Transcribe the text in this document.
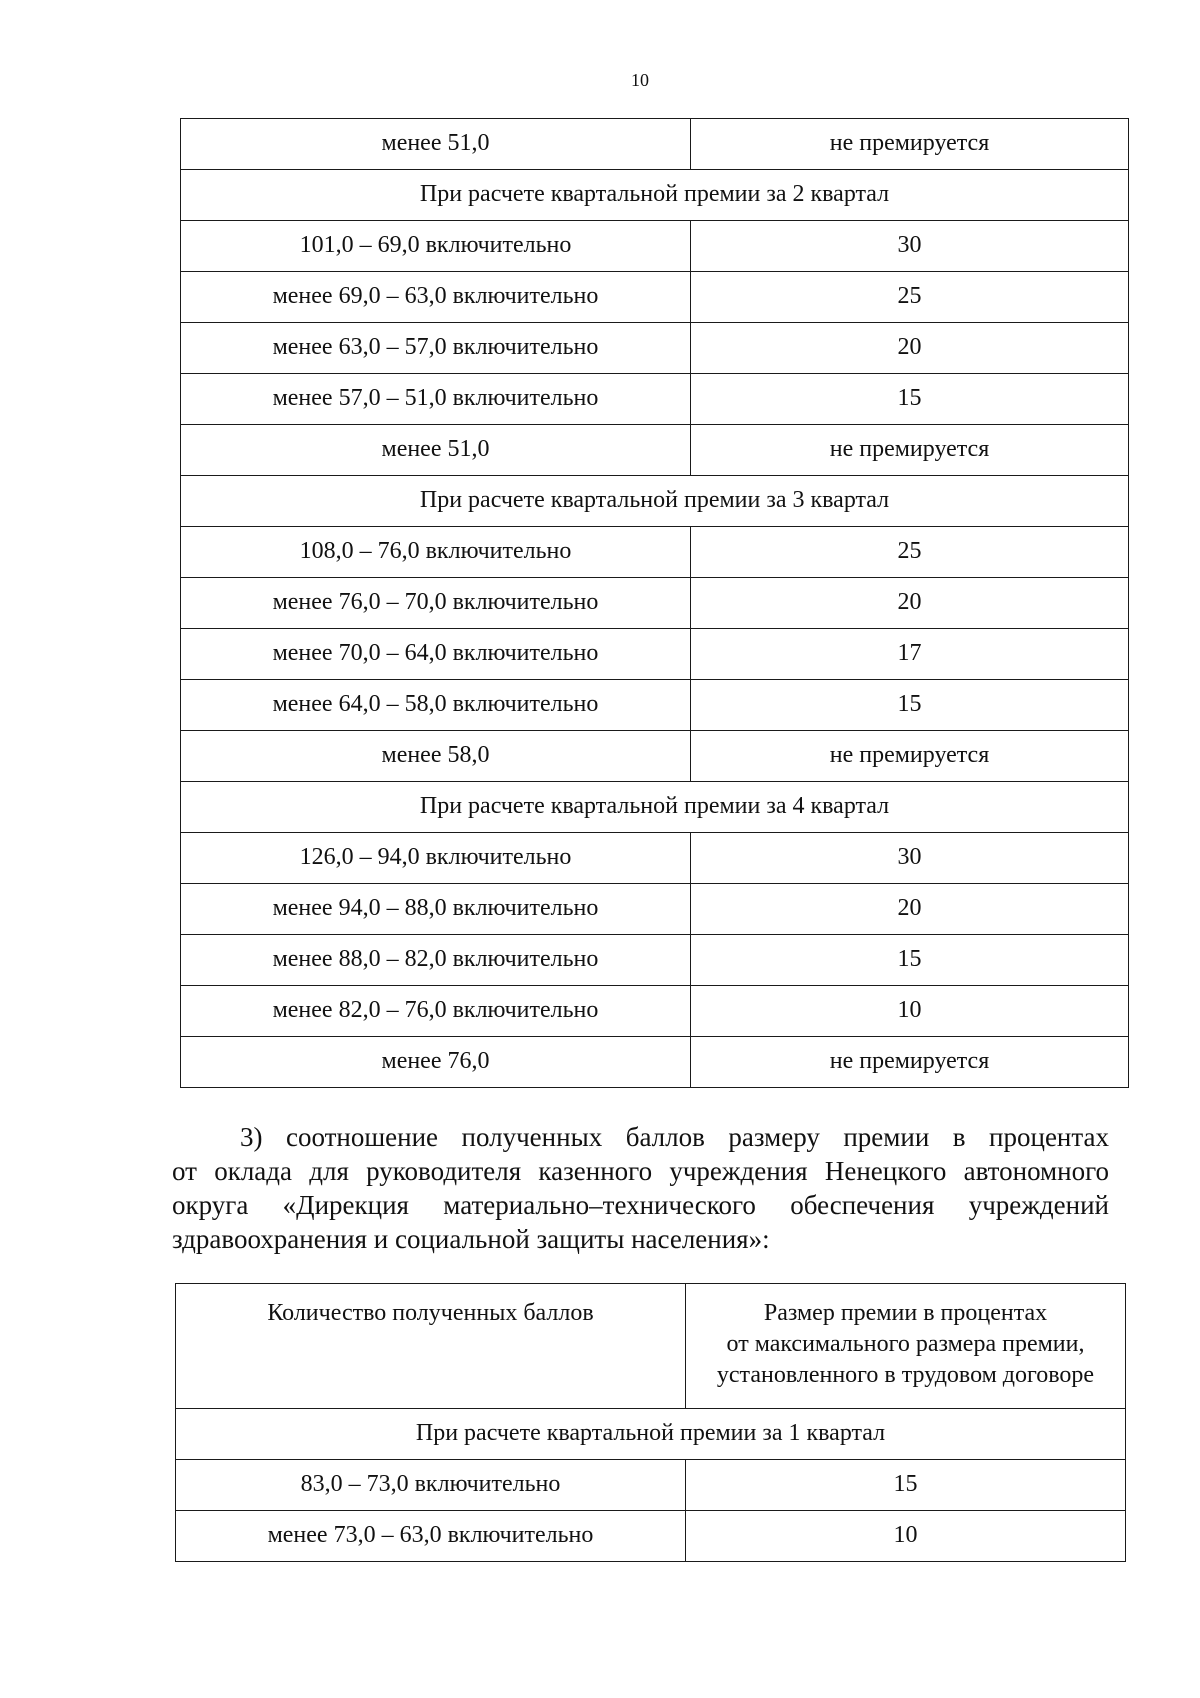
10
менее 51,0	не премируется
При расчете квартальной премии за 2 квартал	
101,0 – 69,0 включительно	30
менее 69,0 – 63,0 включительно	25
менее 63,0 – 57,0 включительно	20
менее 57,0 – 51,0 включительно	15
менее 51,0	не премируется
При расчете квартальной премии за 3 квартал	
108,0 – 76,0 включительно	25
менее 76,0 – 70,0 включительно	20
менее 70,0 – 64,0 включительно	17
менее 64,0 – 58,0 включительно	15
менее 58,0	не премируется
При расчете квартальной премии за 4 квартал	
126,0 – 94,0 включительно	30
менее 94,0 – 88,0 включительно	20
менее 88,0 – 82,0 включительно	15
менее 82,0 – 76,0 включительно	10
менее 76,0	не премируется
3) соотношение полученных баллов размеру премии в процентах
от оклада для руководителя казенного учреждения Ненецкого автономного
округа «Дирекция материально–технического обеспечения учреждений
здравоохранения и социальной защиты населения»:
Количество полученных баллов	Размер премии в процентах
от максимального размера премии,
установленного в трудовом договоре
При расчете квартальной премии за 1 квартал	
83,0 – 73,0 включительно	15
менее 73,0 – 63,0 включительно	10
